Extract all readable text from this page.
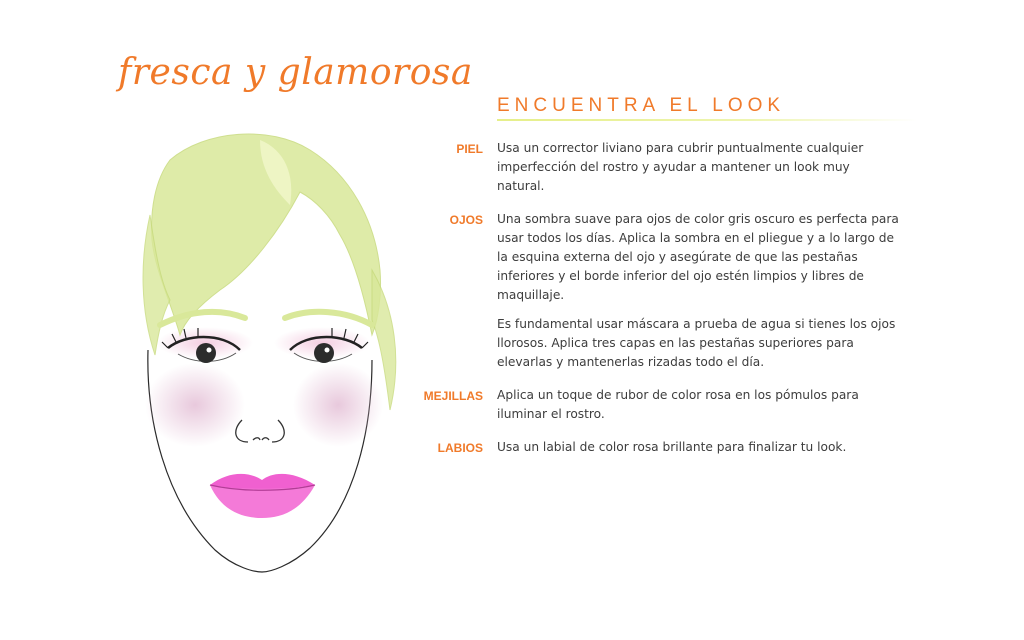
fresca y glamorosa
ENCUENTRA EL LOOK
PIEL	Usa un corrector liviano para cubrir puntualmente cualquier imperfección del rostro y ayudar a mantener un look muy natural.

OJOS	Una sombra suave para ojos de color gris oscuro es perfecta para usar todos los días. Aplica la sombra en el pliegue y a lo largo de la esquina externa del ojo y asegúrate de que las pestañas inferiores y el borde inferior del ojo estén limpios y libres de maquillaje.

Es fundamental usar máscara a prueba de agua si tienes los ojos llorosos. Aplica tres capas en las pestañas superiores para elevarlas y mantenerlas rizadas todo el día.

MEJILLAS	Aplica un toque de rubor de color rosa en los pómulos para iluminar el rostro.

LABIOS	Usa un labial de color rosa brillante para finalizar tu look.
